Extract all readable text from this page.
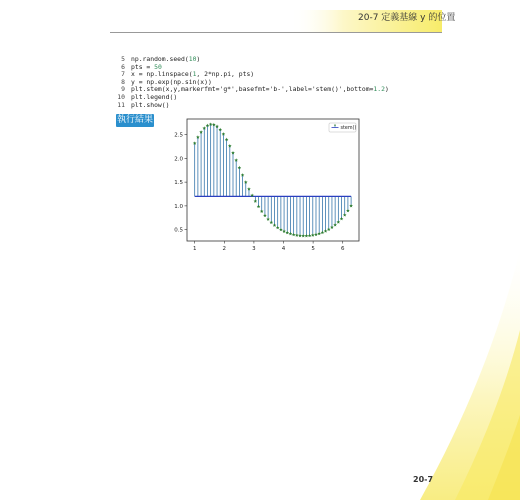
20-7 定義基線 y 的位置
5 np.random.seed(10)
6 pts = 50
7 x = np.linspace(1, 2*np.pi, pts)
8 y = np.exp(np.sin(x))
9 plt.stem(x,y,markerfmt='g*',basefmt='b-',label='stem()',bottom=1.2)
10 plt.legend()
11 plt.show()
執行結果
1	2	3	4	5	6
0.5
1.0
1.5
2.0
2.5
stem()
20-7
